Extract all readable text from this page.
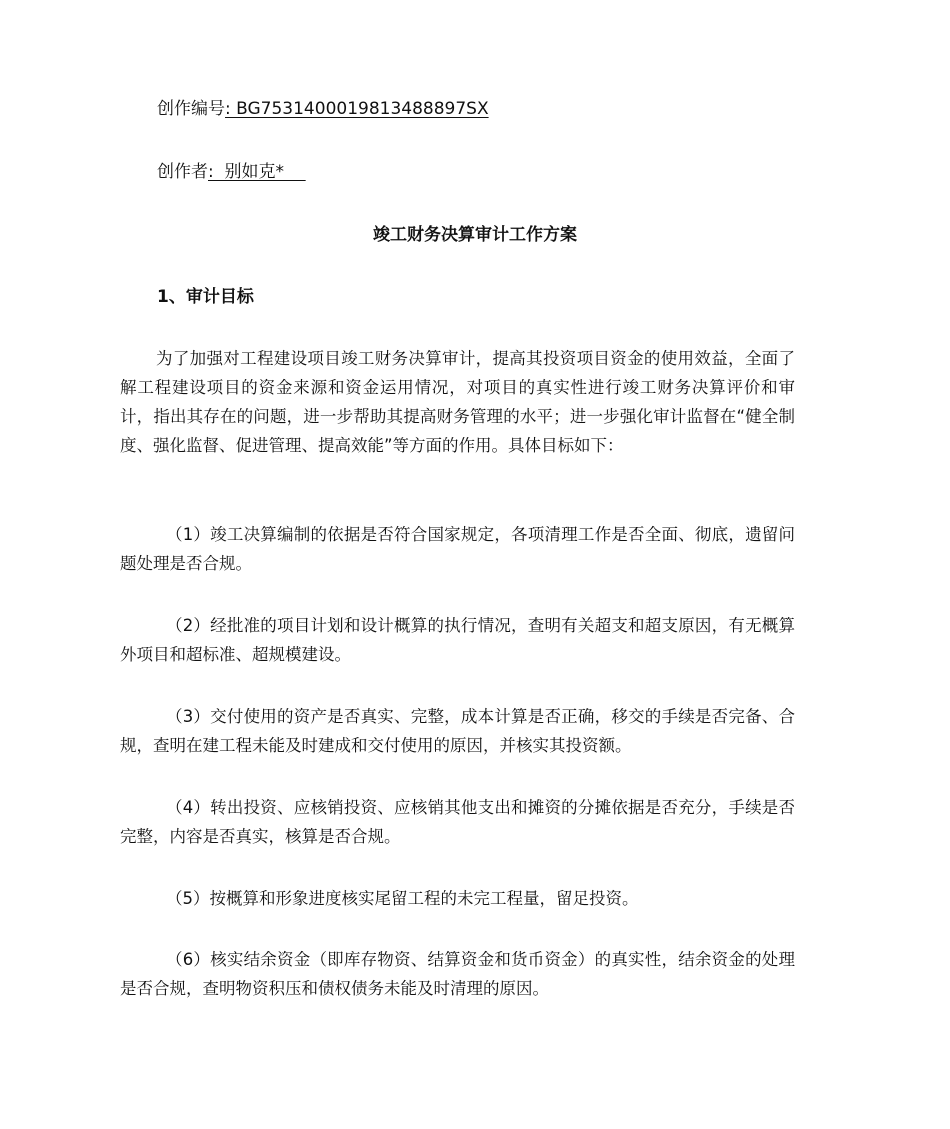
创作编号: BG7531400019813488897SX
创作者:  别如克*
竣工财务决算审计工作方案
1、审计目标

为了加强对工程建设项目竣工财务决算审计，提高其投资项目资金的使用效益，全面了解工程建设项目的资金来源和资金运用情况，对项目的真实性进行竣工财务决算评价和审计，指出其存在的问题，进一步帮助其提高财务管理的水平；进一步强化审计监督在“健全制度、强化监督、促进管理、提高效能”等方面的作用。具体目标如下：

（1）竣工决算编制的依据是否符合国家规定，各项清理工作是否全面、彻底，遗留问题处理是否合规。

（2）经批准的项目计划和设计概算的执行情况，查明有关超支和超支原因，有无概算外项目和超标准、超规模建设。

（3）交付使用的资产是否真实、完整，成本计算是否正确，移交的手续是否完备、合规，查明在建工程未能及时建成和交付使用的原因，并核实其投资额。

（4）转出投资、应核销投资、应核销其他支出和摊资的分摊依据是否充分，手续是否完整，内容是否真实，核算是否合规。

（5）按概算和形象进度核实尾留工程的未完工程量，留足投资。

（6）核实结余资金（即库存物资、结算资金和货币资金）的真实性，结余资金的处理是否合规，查明物资积压和债权债务未能及时清理的原因。
